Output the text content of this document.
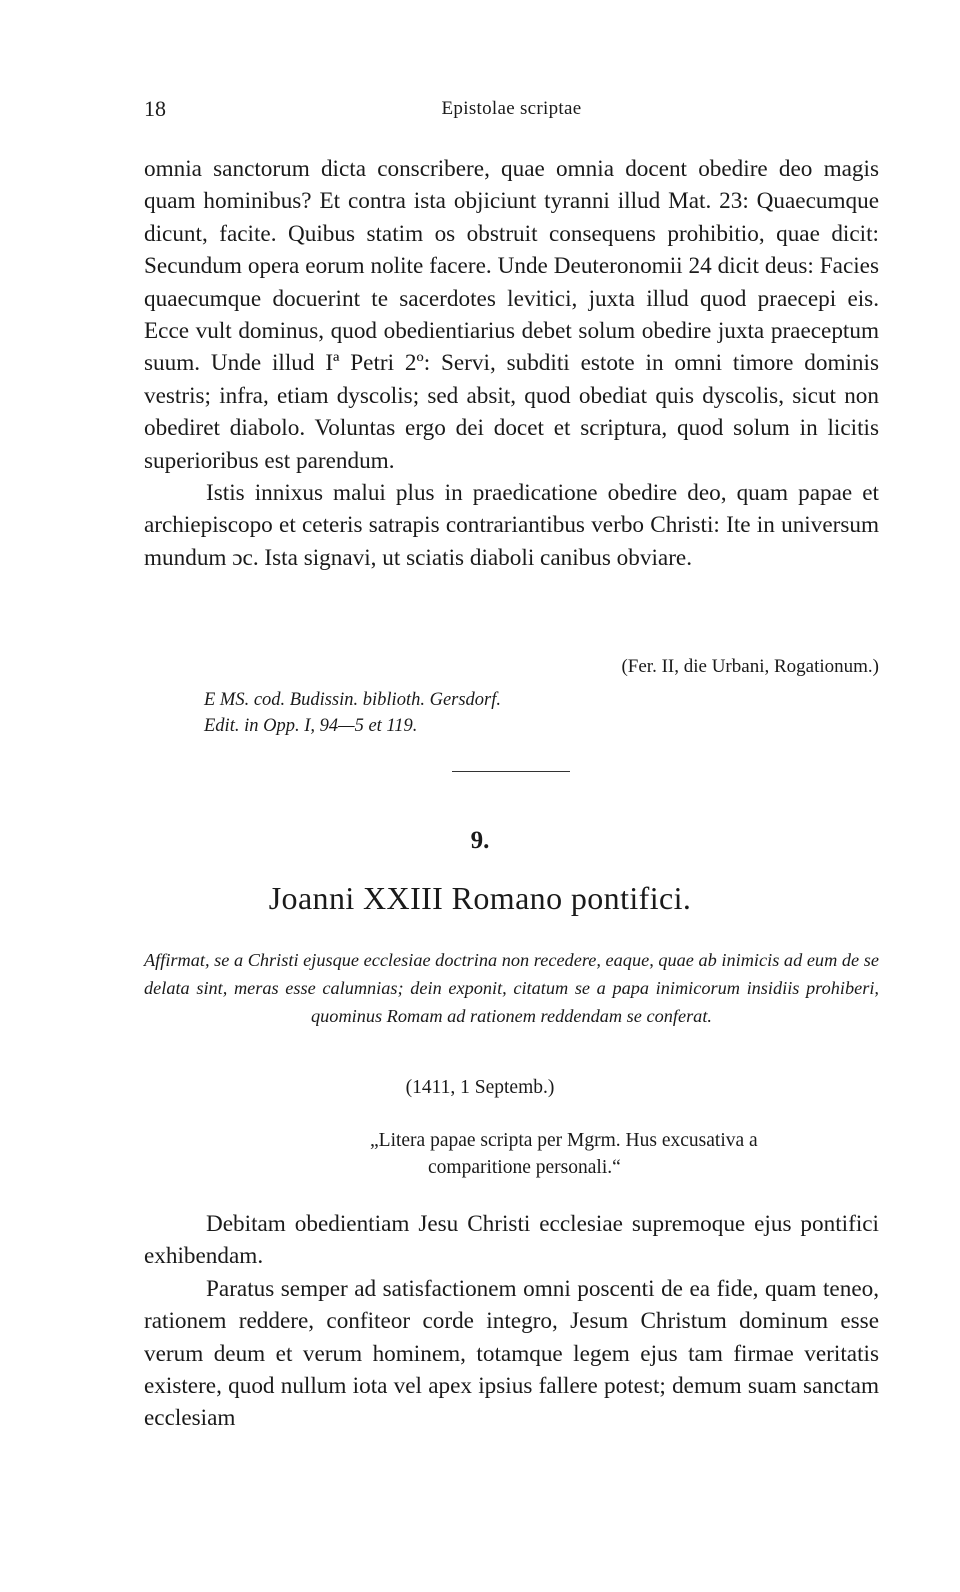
18	Epistolae scriptae

omnia sanctorum dicta conscribere, quae omnia docent obedire deo magis quam hominibus? Et contra ista objiciunt tyranni illud Mat. 23: Quaecumque dicunt, facite. Quibus statim os obstruit consequens prohibitio, quae dicit: Secundum opera eorum nolite facere. Unde Deuteronomii 24 dicit deus: Facies quaecumque docuerint te sacerdotes levitici, juxta illud quod praecepi eis. Ecce vult dominus, quod obedientiarius debet solum obedire juxta praeceptum suum. Unde illud Iª Petri 2º: Servi, subditi estote in omni timore dominis vestris; infra, etiam dyscolis; sed absit, quod obediat quis dyscolis, sicut non obediret diabolo. Voluntas ergo dei docet et scriptura, quod solum in licitis superioribus est parendum.

Istis innixus malui plus in praedicatione obedire deo, quam papae et archiepiscopo et ceteris satrapis contrariantibus verbo Christi: Ite in universum mundum ɔc. Ista signavi, ut sciatis diaboli canibus obviare.

(Fer. II, die Urbani, Rogationum.)
E MS. cod. Budissin. biblioth. Gersdorf.
Edit. in Opp. I, 94—5 et 119.
9.
Joanni XXIII Romano pontifici.
Affirmat, se a Christi ejusque ecclesiae doctrina non recedere, eaque, quae ab inimicis ad eum de se delata sint, meras esse calumnias; dein exponit, citatum se a papa inimicorum insidiis prohiberi, quominus Romam ad rationem reddendam se conferat.
(1411, 1 Septemb.)
„Litera papae scripta per Mgrm. Hus excusativa a
comparitione personali.“

Debitam obedientiam Jesu Christi ecclesiae supremoque ejus pontifici exhibendam.

Paratus semper ad satisfactionem omni poscenti de ea fide, quam teneo, rationem reddere, confiteor corde integro, Jesum Christum dominum esse verum deum et verum hominem, totamque legem ejus tam firmae veritatis existere, quod nullum iota vel apex ipsius fallere potest; demum suam sanctam ecclesiam
